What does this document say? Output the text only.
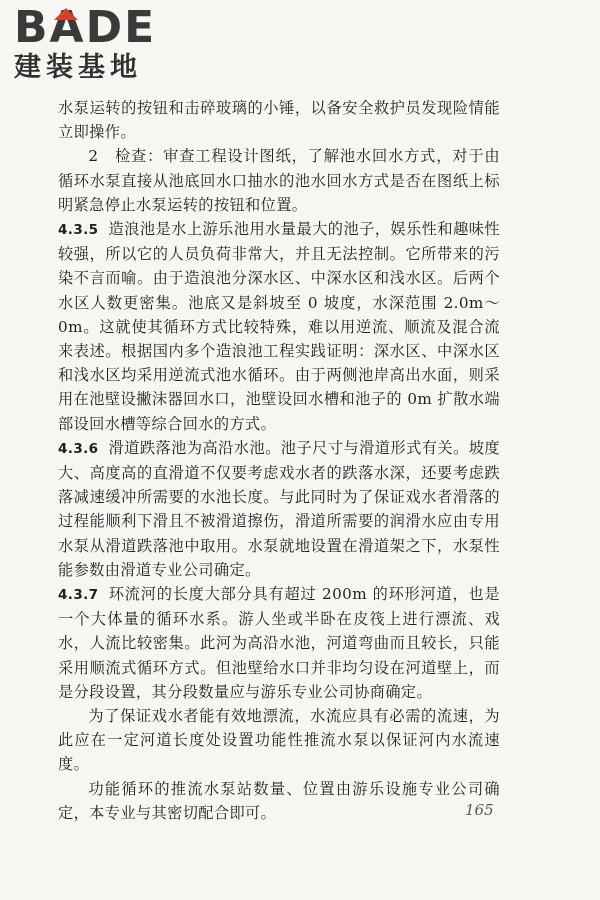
BADE
建装基地

水泵运转的按钮和击碎玻璃的小锤，以备安全救护员发现险情能立即操作。

2　检查：审查工程设计图纸，了解池水回水方式，对于由循环水泵直接从池底回水口抽水的池水回水方式是否在图纸上标明紧急停止水泵运转的按钮和位置。

4.3.5 造浪池是水上游乐池用水量最大的池子，娱乐性和趣味性较强，所以它的人员负荷非常大，并且无法控制。它所带来的污染不言而喻。由于造浪池分深水区、中深水区和浅水区。后两个水区人数更密集。池底又是斜坡至 0 坡度，水深范围 2.0m～0m。这就使其循环方式比较特殊，难以用逆流、顺流及混合流来表述。根据国内多个造浪池工程实践证明：深水区、中深水区和浅水区均采用逆流式池水循环。由于两侧池岸高出水面，则采用在池壁设撇沫器回水口，池壁设回水槽和池子的 0m 扩散水端部设回水槽等综合回水的方式。

4.3.6 滑道跌落池为高沿水池。池子尺寸与滑道形式有关。坡度大、高度高的直滑道不仅要考虑戏水者的跌落水深，还要考虑跌落减速缓冲所需要的水池长度。与此同时为了保证戏水者滑落的过程能顺利下滑且不被滑道擦伤，滑道所需要的润滑水应由专用水泵从滑道跌落池中取用。水泵就地设置在滑道架之下，水泵性能参数由滑道专业公司确定。

4.3.7 环流河的长度大部分具有超过 200m 的环形河道，也是一个大体量的循环水系。游人坐或半卧在皮筏上进行漂流、戏水，人流比较密集。此河为高沿水池，河道弯曲而且较长，只能采用顺流式循环方式。但池壁给水口并非均匀设在河道壁上，而是分段设置，其分段数量应与游乐专业公司协商确定。

为了保证戏水者能有效地漂流，水流应具有必需的流速，为此应在一定河道长度处设置功能性推流水泵以保证河内水流速度。

功能循环的推流水泵站数量、位置由游乐设施专业公司确定，本专业与其密切配合即可。	165
